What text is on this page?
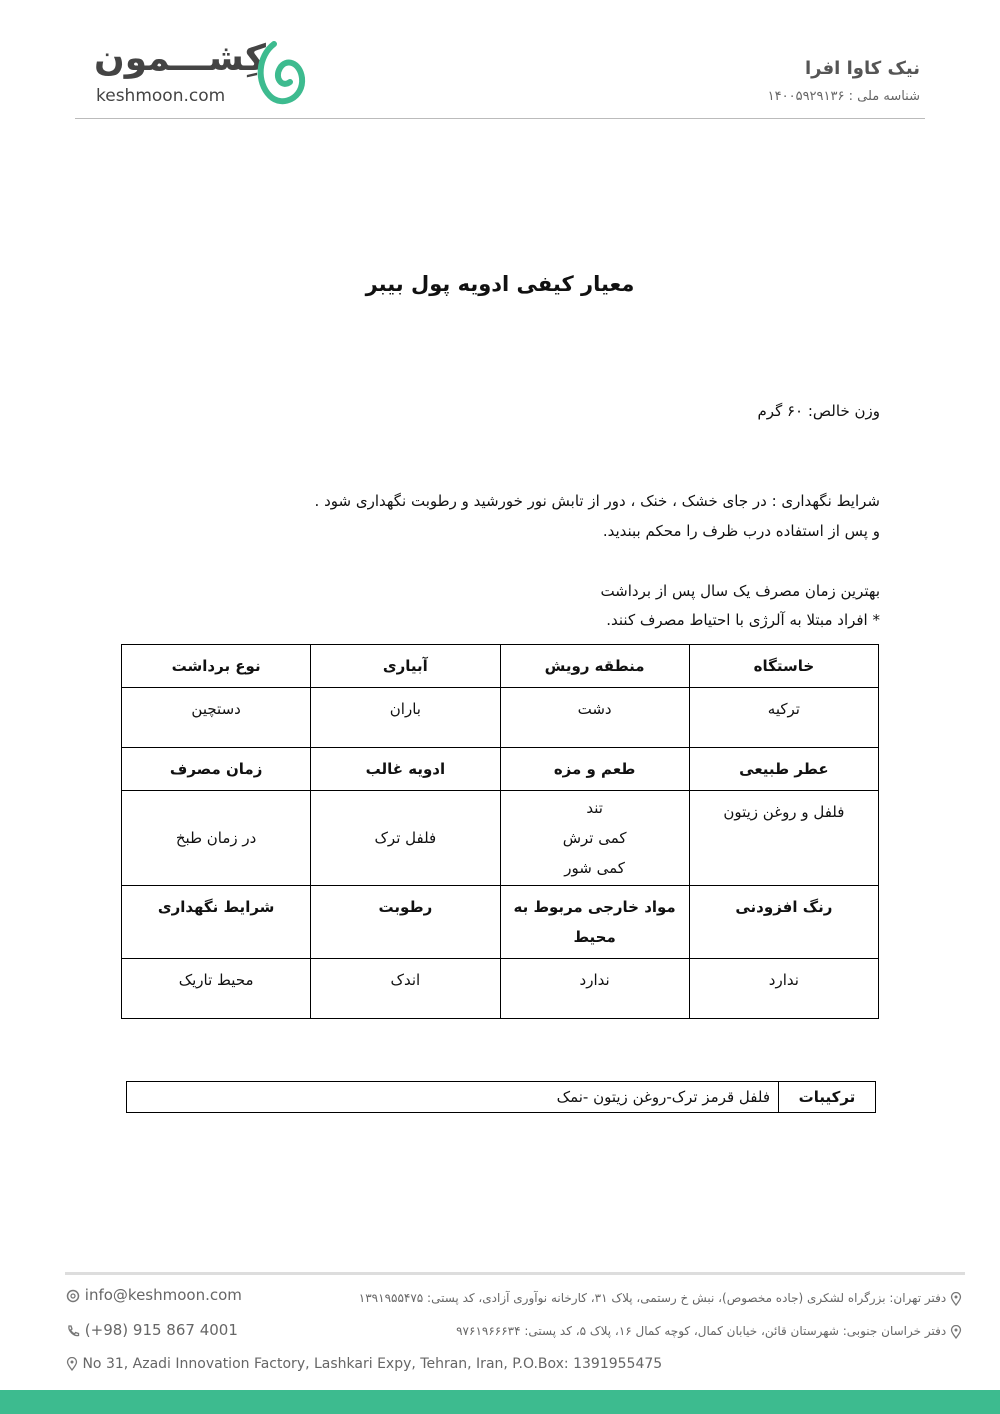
نیک کاوا افرا
شناسه ملی : ۱۴۰۰۵۹۲۹۱۳۶
کِشـــمون
keshmoon.com
معیار کیفی ادویه پول بیبر
وزن خالص: ۶۰ گرم
شرایط نگهداری : در جای خشک ، خنک ، دور از تابش نور خورشید و رطوبت نگهداری شود .
و پس از استفاده درب ظرف را محکم ببندید.
بهترین زمان مصرف یک سال پس از برداشت
* افراد مبتلا به آلرژی با احتیاط مصرف کنند.
خاستگاه	منطقه رویش	آبیاری	نوع برداشت
ترکیه	دشت	باران	دستچین
عطر طبیعی	طعم و مزه	ادویه غالب	زمان مصرف
فلفل و روغن زیتون	تند
کمی ترش
کمی شور	فلفل ترک	در زمان طبخ
رنگ افزودنی	مواد خارجی مربوط به محیط	رطوبت	شرایط نگهداری
ندارد	ندارد	اندک	محیط تاریک
ترکیبات	فلفل قرمز ترک-روغن زیتون -نمک
info@keshmoon.com
(+98) 915 867 4001
No 31, Azadi Innovation Factory, Lashkari Expy, Tehran, Iran, P.O.Box: 1391955475
دفتر تهران: بزرگراه لشکری (جاده مخصوص)، نبش خ رستمی، پلاک ۳۱، کارخانه نوآوری آزادی، کد پستی: ۱۳۹۱۹۵۵۴۷۵
دفتر خراسان جنوبی: شهرستان قائن، خیابان کمال، کوچه کمال ۱۶، پلاک ۵، کد پستی: ۹۷۶۱۹۶۶۶۳۴
